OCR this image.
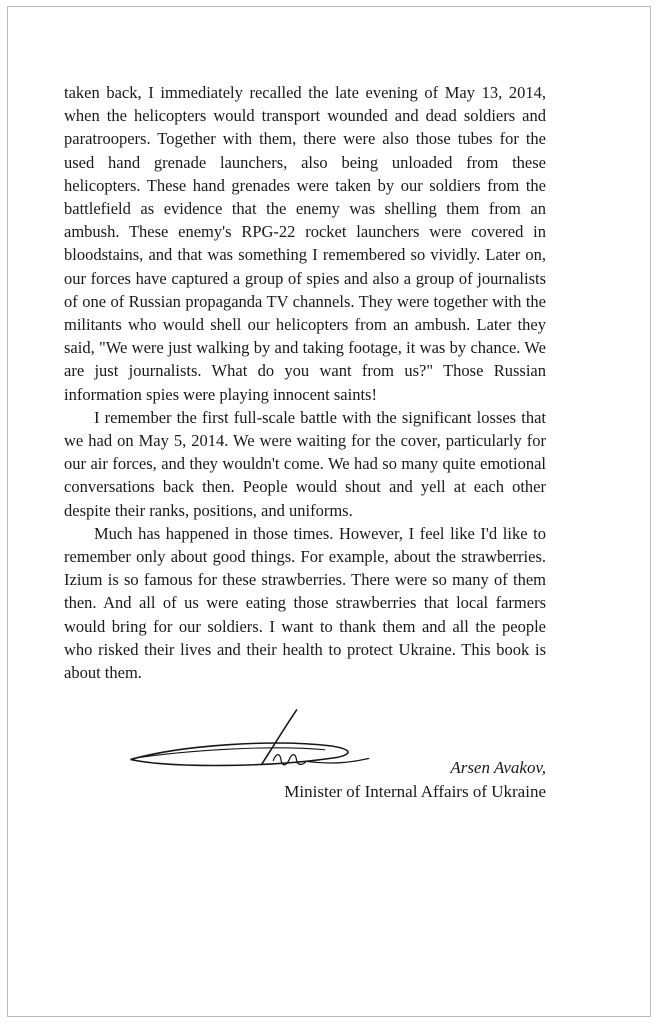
taken back, I immediately recalled the late evening of May 13, 2014, when the helicopters would transport wounded and dead soldiers and paratroopers. Together with them, there were also those tubes for the used hand grenade launchers, also being unloaded from these helicopters. These hand grenades were taken by our soldiers from the battlefield as evidence that the enemy was shelling them from an ambush. These enemy's RPG-22 rocket launchers were covered in bloodstains, and that was something I remembered so vividly. Later on, our forces have captured a group of spies and also a group of journalists of one of Russian propaganda TV channels. They were together with the militants who would shell our helicopters from an ambush. Later they said, "We were just walking by and taking footage, it was by chance. We are just journalists. What do you want from us?" Those Russian information spies were playing innocent saints!

I remember the first full-scale battle with the significant losses that we had on May 5, 2014. We were waiting for the cover, particularly for our air forces, and they wouldn't come. We had so many quite emotional conversations back then. People would shout and yell at each other despite their ranks, positions, and uniforms.

Much has happened in those times. However, I feel like I'd like to remember only about good things. For example, about the strawberries. Izium is so famous for these strawberries. There were so many of them then. And all of us were eating those strawberries that local farmers would bring for our soldiers. I want to thank them and all the people who risked their lives and their health to protect Ukraine. This book is about them.

Arsen Avakov,
Minister of Internal Affairs of Ukraine
